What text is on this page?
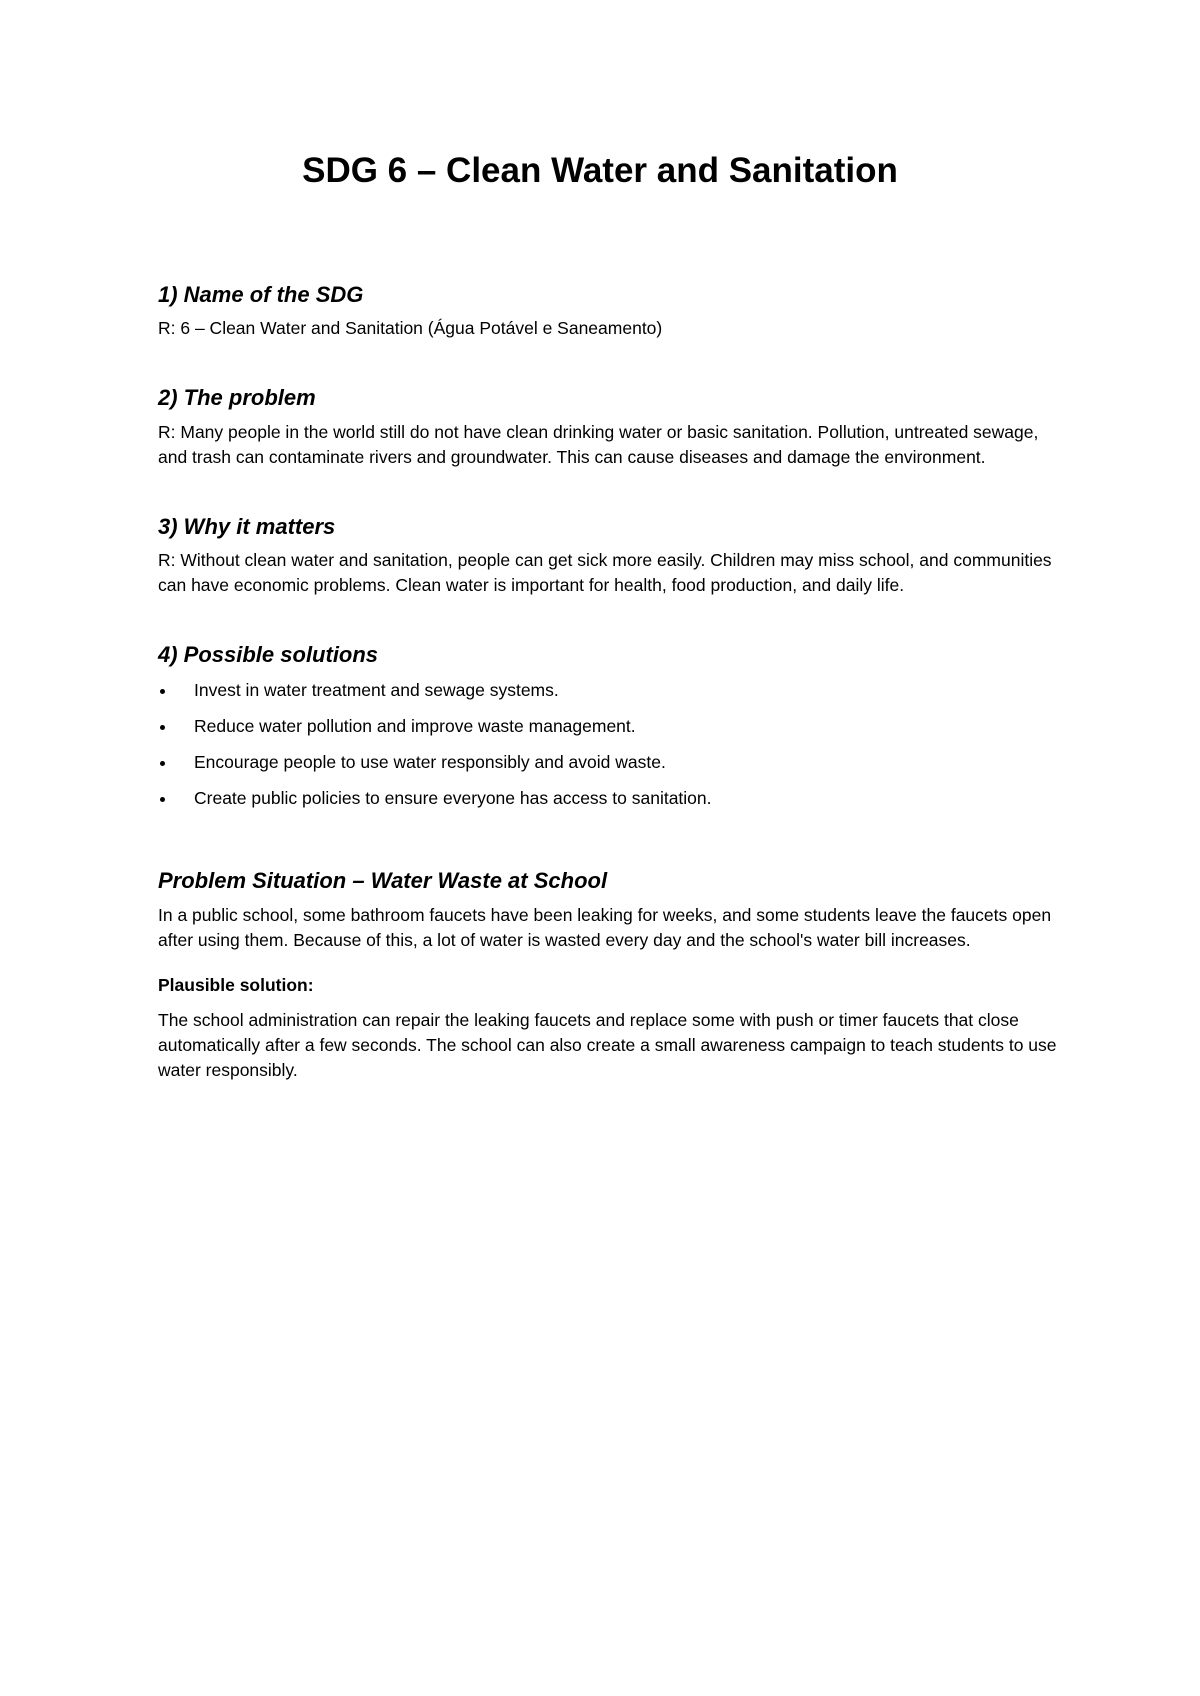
SDG 6 – Clean Water and Sanitation
1) Name of the SDG

R: 6 – Clean Water and Sanitation (Água Potável e Saneamento)

2) The problem

R: Many people in the world still do not have clean drinking water or basic sanitation. Pollution, untreated sewage, and trash can contaminate rivers and groundwater. This can cause diseases and damage the environment.

3) Why it matters

R: Without clean water and sanitation, people can get sick more easily. Children may miss school, and communities can have economic problems. Clean water is important for health, food production, and daily life.

4) Possible solutions
Invest in water treatment and sewage systems.
Reduce water pollution and improve waste management.
Encourage people to use water responsibly and avoid waste.
Create public policies to ensure everyone has access to sanitation.
Problem Situation – Water Waste at School

In a public school, some bathroom faucets have been leaking for weeks, and some students leave the faucets open after using them. Because of this, a lot of water is wasted every day and the school's water bill increases.

Plausible solution:

The school administration can repair the leaking faucets and replace some with push or timer faucets that close automatically after a few seconds. The school can also create a small awareness campaign to teach students to use water responsibly.
